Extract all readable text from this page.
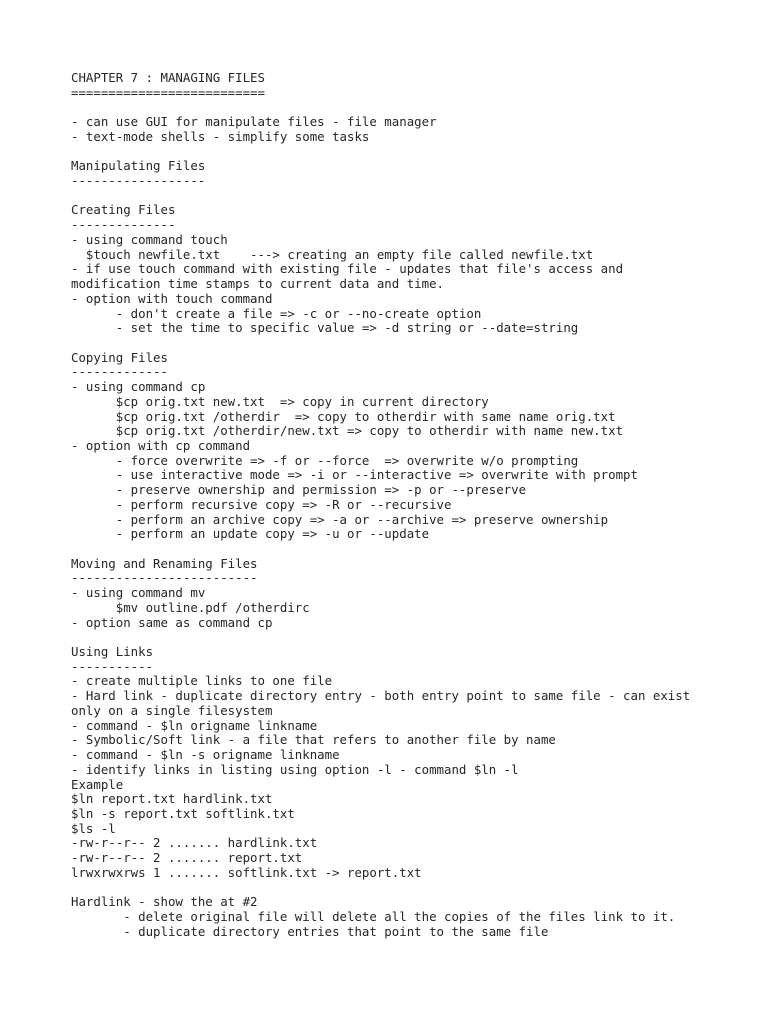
CHAPTER 7 : MANAGING FILES
==========================

- can use GUI for manipulate files - file manager
- text-mode shells - simplify some tasks

Manipulating Files
------------------

Creating Files
--------------
- using command touch
$touch newfile.txt    ---> creating an empty file called newfile.txt
- if use touch command with existing file - updates that file's access and
modification time stamps to current data and time.
- option with touch command
- don't create a file => -c or --no-create option
- set the time to specific value => -d string or --date=string

Copying Files
-------------
- using command cp
$cp orig.txt new.txt  => copy in current directory
$cp orig.txt /otherdir  => copy to otherdir with same name orig.txt
$cp orig.txt /otherdir/new.txt => copy to otherdir with name new.txt
- option with cp command
- force overwrite => -f or --force  => overwrite w/o prompting
- use interactive mode => -i or --interactive => overwrite with prompt
- preserve ownership and permission => -p or --preserve
- perform recursive copy => -R or --recursive
- perform an archive copy => -a or --archive => preserve ownership
- perform an update copy => -u or --update

Moving and Renaming Files
-------------------------
- using command mv
$mv outline.pdf /otherdirc
- option same as command cp

Using Links
-----------
- create multiple links to one file
- Hard link - duplicate directory entry - both entry point to same file - can exist
only on a single filesystem
- command - $ln origname linkname
- Symbolic/Soft link - a file that refers to another file by name
- command - $ln -s origname linkname
- identify links in listing using option -l - command $ln -l
Example
$ln report.txt hardlink.txt
$ln -s report.txt softlink.txt
$ls -l
-rw-r--r-- 2 ....... hardlink.txt
-rw-r--r-- 2 ....... report.txt
lrwxrwxrws 1 ....... softlink.txt -> report.txt

Hardlink - show the at #2
- delete original file will delete all the copies of the files link to it.
- duplicate directory entries that point to the same file
